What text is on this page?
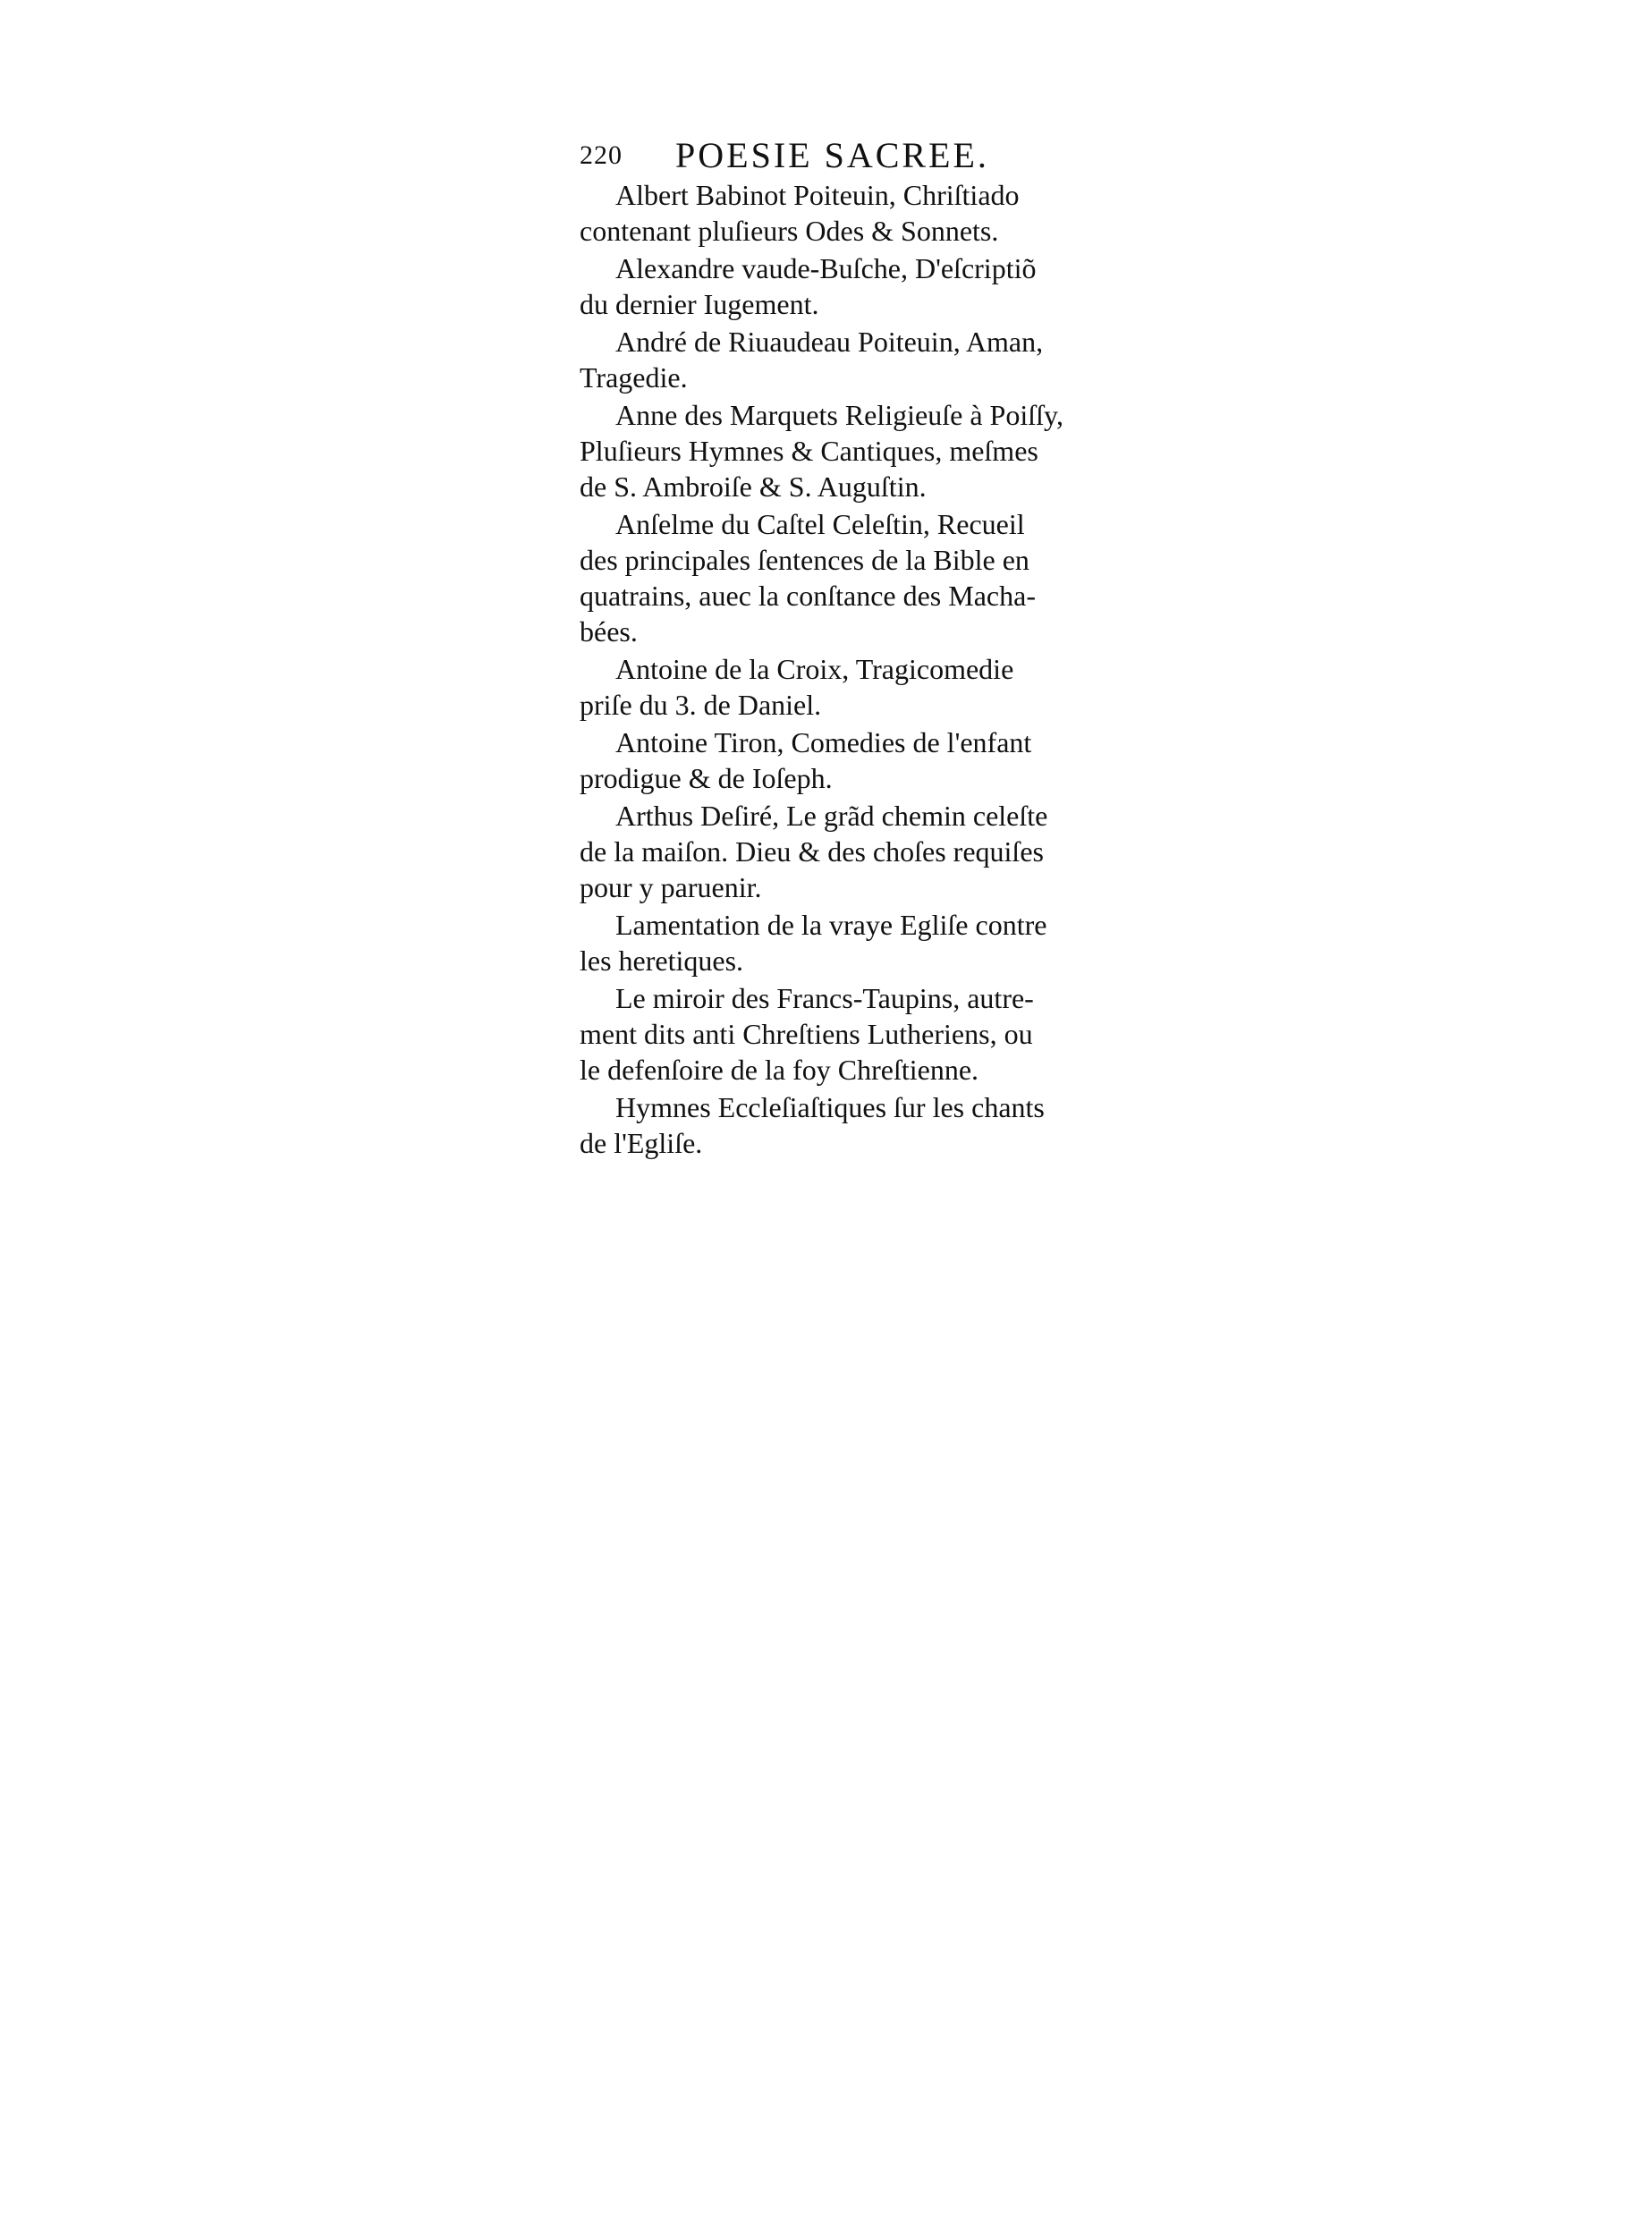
220 POESIE SACREE.
Albert Babinot Poiteuin, Chriſtiado
contenant pluſieurs Odes & Sonnets.
Alexandre vaude-Buſche, D'eſcriptiõ
du dernier Iugement.
André de Riuaudeau Poiteuin, Aman,
Tragedie.
Anne des Marquets Religieuſe à Poiſſy,
Pluſieurs Hymnes & Cantiques, meſmes
de S. Ambroiſe & S. Auguſtin.
Anſelme du Caſtel Celeſtin, Recueil
des principales ſentences de la Bible en
quatrains, auec la conſtance des Macha-
bées.
Antoine de la Croix, Tragicomedie
priſe du 3. de Daniel.
Antoine Tiron, Comedies de l'enfant
prodigue & de Ioſeph.
Arthus Deſiré, Le grãd chemin celeſte
de la maiſon. Dieu & des choſes requiſes
pour y paruenir.
Lamentation de la vraye Egliſe contre
les heretiques.
Le miroir des Francs-Taupins, autre-
ment dits anti Chreſtiens Lutheriens, ou
le defenſoire de la foy Chreſtienne.
Hymnes Eccleſiaſtiques ſur les chants
de l'Egliſe.
